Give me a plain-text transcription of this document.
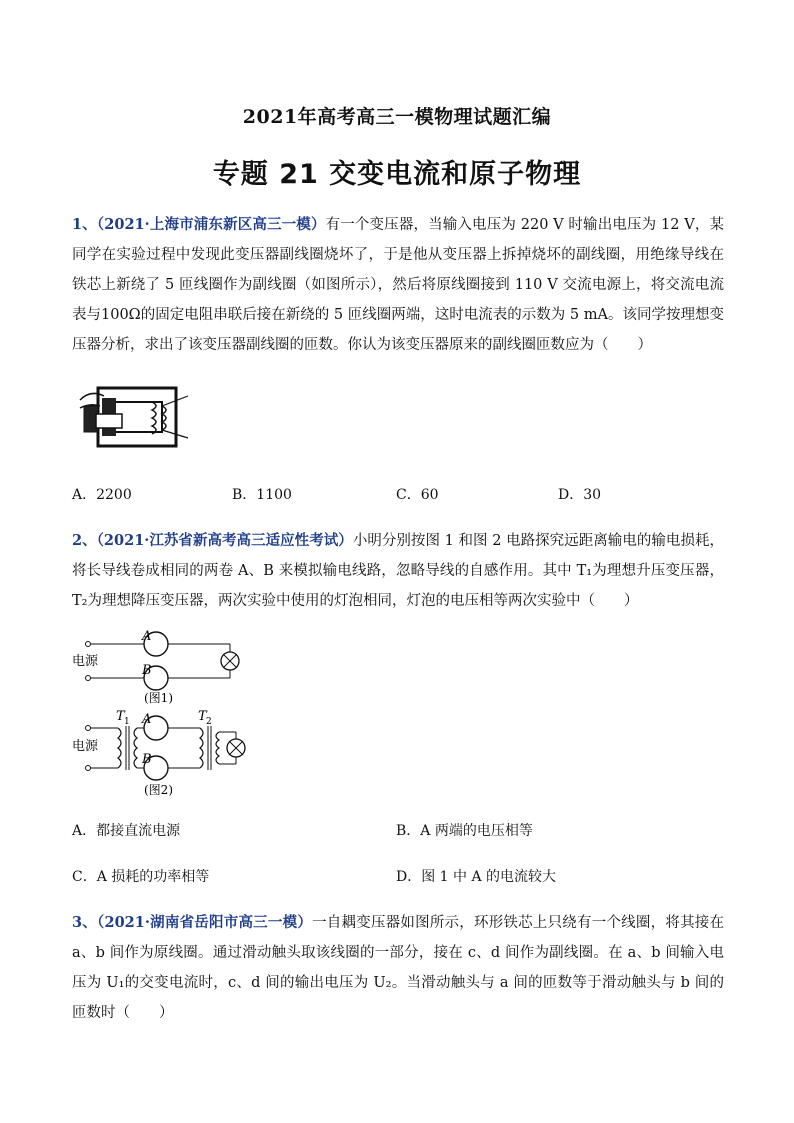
2021年高考高三一模物理试题汇编
专题 21 交变电流和原子物理
1、（2021·上海市浦东新区高三一模）有一个变压器，当输入电压为 220 V 时输出电压为 12 V，某同学在实验过程中发现此变压器副线圈烧坏了，于是他从变压器上拆掉烧坏的副线圈，用绝缘导线在铁芯上新绕了 5 匝线圈作为副线圈（如图所示），然后将原线圈接到 110 V 交流电源上，将交流电流表与100Ω的固定电阻串联后接在新绕的 5 匝线圈两端，这时电流表的示数为 5 mA。该同学按理想变压器分析，求出了该变压器副线圈的匝数。你认为该变压器原来的副线圈匝数应为（　　）
A．2200	B．1100	C．60	D．30
2、（2021·江苏省新高考高三适应性考试）小明分别按图 1 和图 2 电路探究远距离输电的输电损耗，将长导线卷成相同的两卷 A、B 来模拟输电线路，忽略导线的自感作用。其中 T₁为理想升压变压器，T₂为理想降压变压器，两次实验中使用的灯泡相同，灯泡的电压相等两次实验中（　　）
电源
A
B
(图1)
电源
T 1 A
B
T 2
(图2)
A．都接直流电源	B．A 两端的电压相等
C．A 损耗的功率相等	D．图 1 中 A 的电流较大
3、（2021·湖南省岳阳市高三一模）一自耦变压器如图所示，环形铁芯上只绕有一个线圈，将其接在 a、b 间作为原线圈。通过滑动触头取该线圈的一部分，接在 c、d 间作为副线圈。在 a、b 间输入电压为 U₁的交变电流时，c、d 间的输出电压为 U₂。当滑动触头与 a 间的匝数等于滑动触头与 b 间的匝数时（　　）
